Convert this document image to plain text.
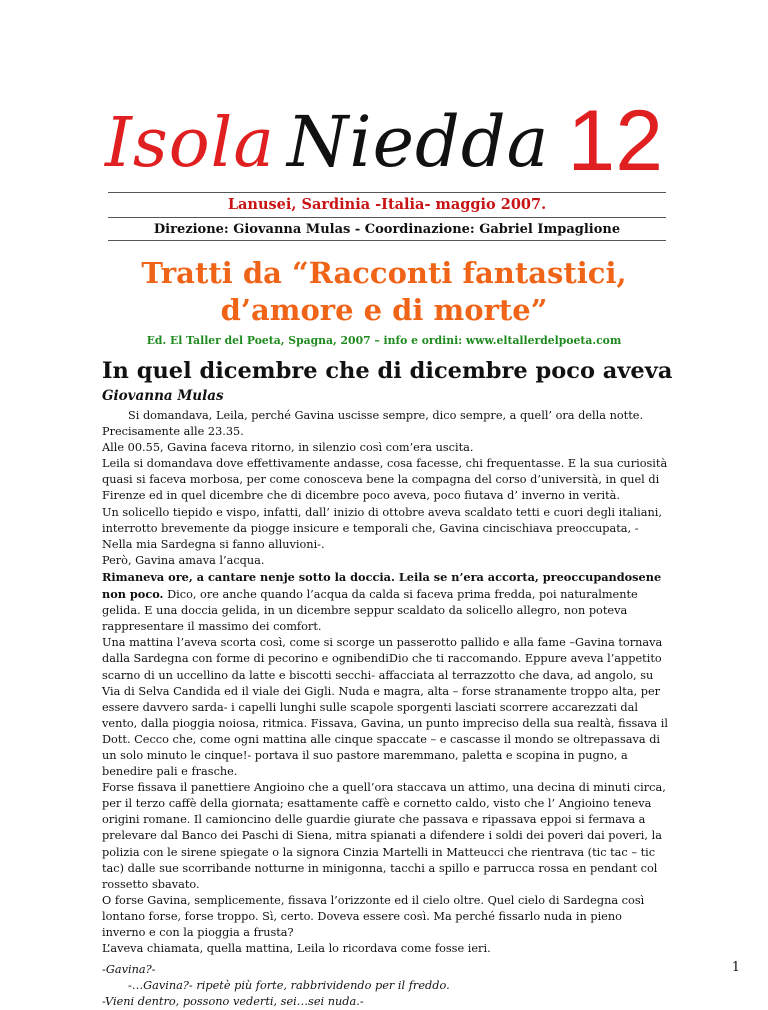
Isola Niedda 12
Lanusei, Sardinia -Italia- maggio 2007.
Direzione: Giovanna Mulas - Coordinazione: Gabriel Impaglione
Tratti da “Racconti fantastici,
d’amore e di morte”
Ed. El Taller del Poeta, Spagna, 2007 – info e ordini: www.eltallerdelpoeta.com
In quel dicembre che di dicembre poco aveva
Giovanna Mulas

Si domandava, Leila, perché Gavina uscisse sempre, dico sempre, a quell’ ora della notte.

Precisamente alle 23.35.

Alle 00.55, Gavina faceva ritorno, in silenzio così com’era uscita.

Leila si domandava dove effettivamente andasse, cosa facesse, chi frequentasse. E la sua curiosità quasi si faceva morbosa, per come conosceva bene la compagna del corso d’università, in quel di Firenze ed in quel dicembre che di dicembre poco aveva, poco fiutava d’ inverno in verità.

Un solicello tiepido e vispo, infatti, dall’ inizio di ottobre aveva scaldato tetti e cuori degli italiani, interrotto brevemente da piogge insicure e temporali che, Gavina cincischiava preoccupata, - Nella mia Sardegna si fanno alluvioni-.

Però, Gavina amava l’acqua.

Rimaneva ore, a cantare nenje sotto la doccia. Leila se n’era accorta, preoccupandosene non poco. Dico, ore anche quando l’acqua da calda si faceva prima fredda, poi naturalmente gelida. E una doccia gelida, in un dicembre seppur scaldato da solicello allegro, non poteva rappresentare il massimo dei comfort.

Una mattina l’aveva scorta così, come si scorge un passerotto pallido e alla fame –Gavina tornava dalla Sardegna con forme di pecorino e ognibendiDio che ti raccomando. Eppure aveva l’appetito scarno di un uccellino da latte e biscotti secchi- affacciata al terrazzotto che dava, ad angolo, su Via di Selva Candida ed il viale dei Gigli. Nuda e magra, alta – forse stranamente troppo alta, per essere davvero sarda- i capelli lunghi sulle scapole sporgenti lasciati scorrere accarezzati dal vento, dalla pioggia noiosa, ritmica. Fissava, Gavina, un punto impreciso della sua realtà, fissava il Dott. Cecco che, come ogni mattina alle cinque spaccate – e cascasse il mondo se oltrepassava di un solo minuto le cinque!- portava il suo pastore maremmano, paletta e scopina in pugno, a benedire pali e frasche.

Forse fissava il panettiere Angioino che a quell’ora staccava un attimo, una decina di minuti circa, per il terzo caffè della giornata; esattamente caffè e cornetto caldo, visto che l’ Angioino teneva origini romane. Il camioncino delle guardie giurate che passava e ripassava eppoi si fermava a prelevare dal Banco dei Paschi di Siena, mitra spianati a difendere i soldi dei poveri dai poveri, la polizia con le sirene spiegate o la signora Cinzia Martelli in Matteucci che rientrava (tic tac – tic tac) dalle sue scorribande notturne in minigonna, tacchi a spillo e parrucca rossa en pendant col rossetto sbavato.

O forse Gavina, semplicemente, fissava l’orizzonte ed il cielo oltre. Quel cielo di Sardegna così lontano forse, forse troppo. Sì, certo. Doveva essere così. Ma perché fissarlo nuda in pieno inverno e con la pioggia a frusta?

L’aveva chiamata, quella mattina, Leila lo ricordava come fosse ieri.

-Gavina?-

-…Gavina?- ripetè più forte, rabbrividendo per il freddo.

-Vieni dentro, possono vederti, sei…sei nuda.-

1
